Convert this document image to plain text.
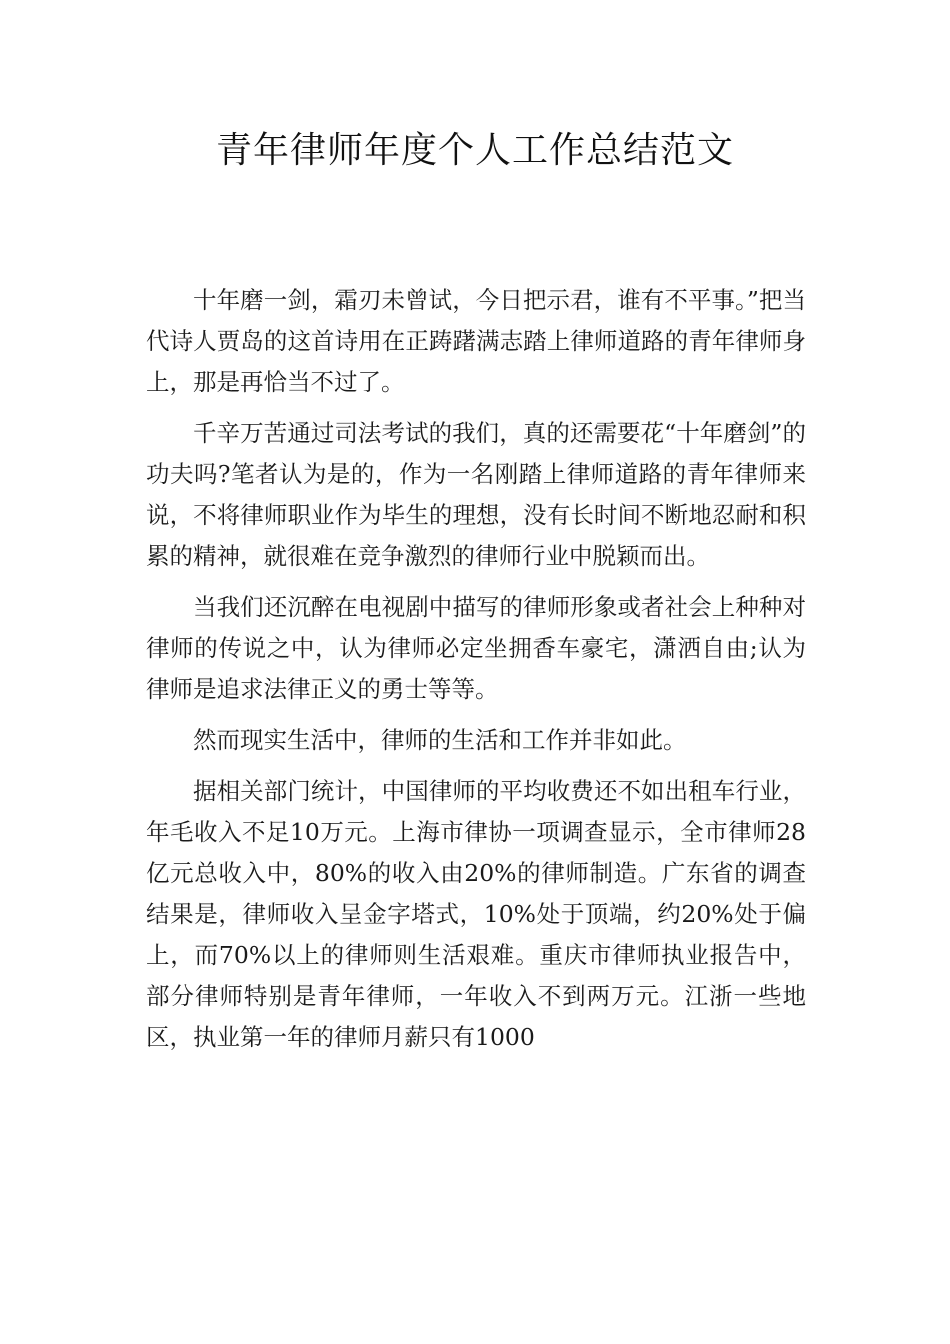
青年律师年度个人工作总结范文

十年磨一剑，霜刃未曾试，今日把示君，谁有不平事。”把当代诗人贾岛的这首诗用在正踌躇满志踏上律师道路的青年律师身上，那是再恰当不过了。

千辛万苦通过司法考试的我们，真的还需要花“十年磨剑”的功夫吗?笔者认为是的，作为一名刚踏上律师道路的青年律师来说，不将律师职业作为毕生的理想，没有长时间不断地忍耐和积累的精神，就很难在竞争激烈的律师行业中脱颖而出。

当我们还沉醉在电视剧中描写的律师形象或者社会上种种对律师的传说之中，认为律师必定坐拥香车豪宅，潇洒自由;认为律师是追求法律正义的勇士等等。

然而现实生活中，律师的生活和工作并非如此。

据相关部门统计，中国律师的平均收费还不如出租车行业，年毛收入不足10万元。上海市律协一项调查显示，全市律师28亿元总收入中，80%的收入由20%的律师制造。广东省的调查结果是，律师收入呈金字塔式，10%处于顶端，约20%处于偏上，而70%以上的律师则生活艰难。重庆市律师执业报告中，部分律师特别是青年律师，一年收入不到两万元。江浙一些地区，执业第一年的律师月薪只有1000
